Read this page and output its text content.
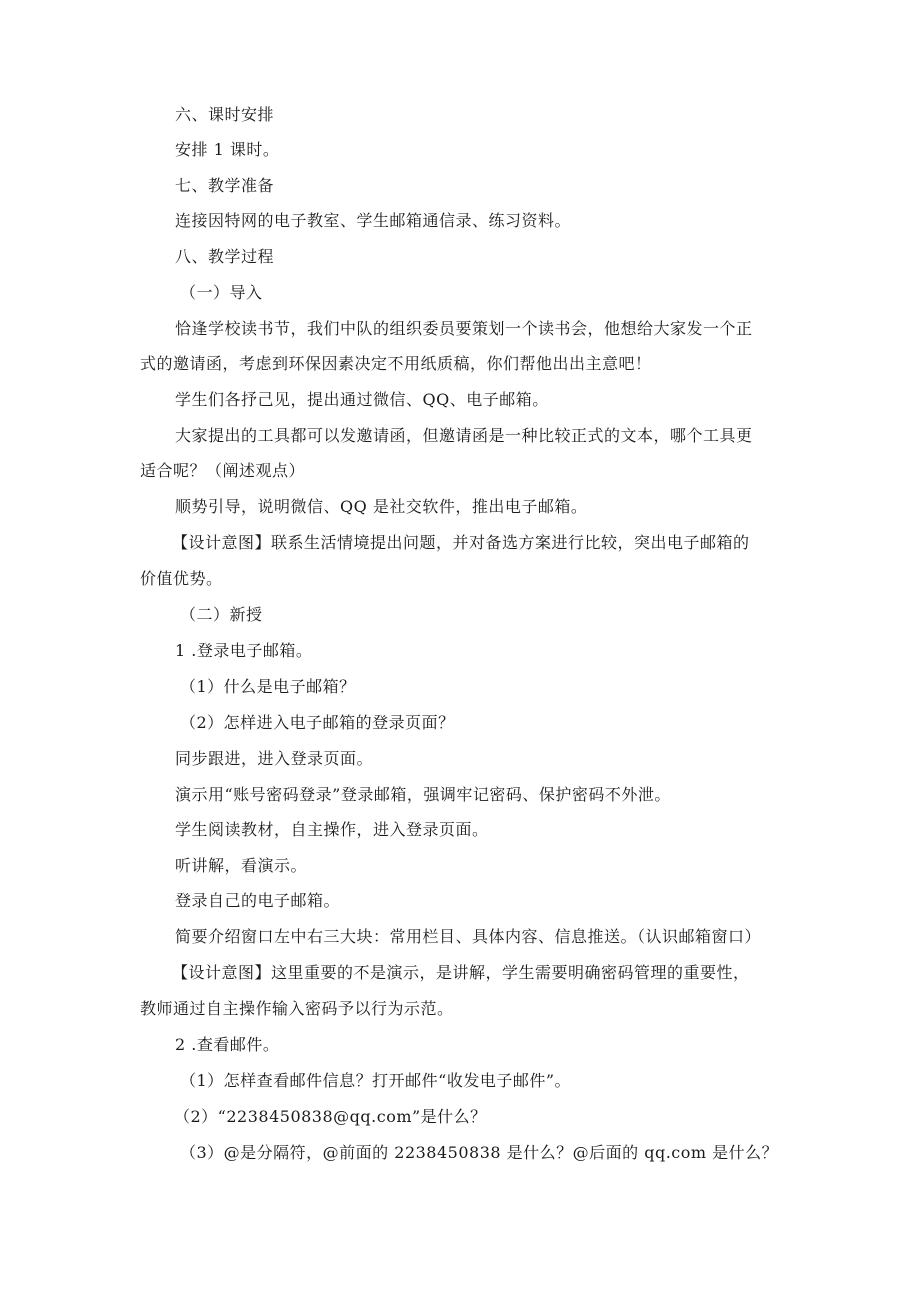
六、课时安排
安排 1 课时。
七、教学准备
连接因特网的电子教室、学生邮箱通信录、练习资料。
八、教学过程
（一）导入
恰逢学校读书节，我们中队的组织委员要策划一个读书会，他想给大家发一个正
式的邀请函，考虑到环保因素决定不用纸质稿，你们帮他出出主意吧！
学生们各抒己见，提出通过微信、QQ、电子邮箱。
大家提出的工具都可以发邀请函，但邀请函是一种比较正式的文本，哪个工具更
适合呢？（阐述观点）
顺势引导，说明微信、QQ 是社交软件，推出电子邮箱。
【设计意图】联系生活情境提出问题，并对备选方案进行比较，突出电子邮箱的
价值优势。
（二）新授
1 .登录电子邮箱。
（1）什么是电子邮箱？
（2）怎样进入电子邮箱的登录页面？
同步跟进，进入登录页面。
演示用“账号密码登录”登录邮箱，强调牢记密码、保护密码不外泄。
学生阅读教材，自主操作，进入登录页面。
听讲解，看演示。
登录自己的电子邮箱。
简要介绍窗口左中右三大块：常用栏目、具体内容、信息推送。（认识邮箱窗口）
【设计意图】这里重要的不是演示，是讲解，学生需要明确密码管理的重要性，
教师通过自主操作输入密码予以行为示范。
2 .查看邮件。
（1）怎样查看邮件信息？打开邮件“收发电子邮件”。
（2）“2238450838@qq.com”是什么？
（3）@是分隔符，@前面的 2238450838 是什么？@后面的 qq.com 是什么？
